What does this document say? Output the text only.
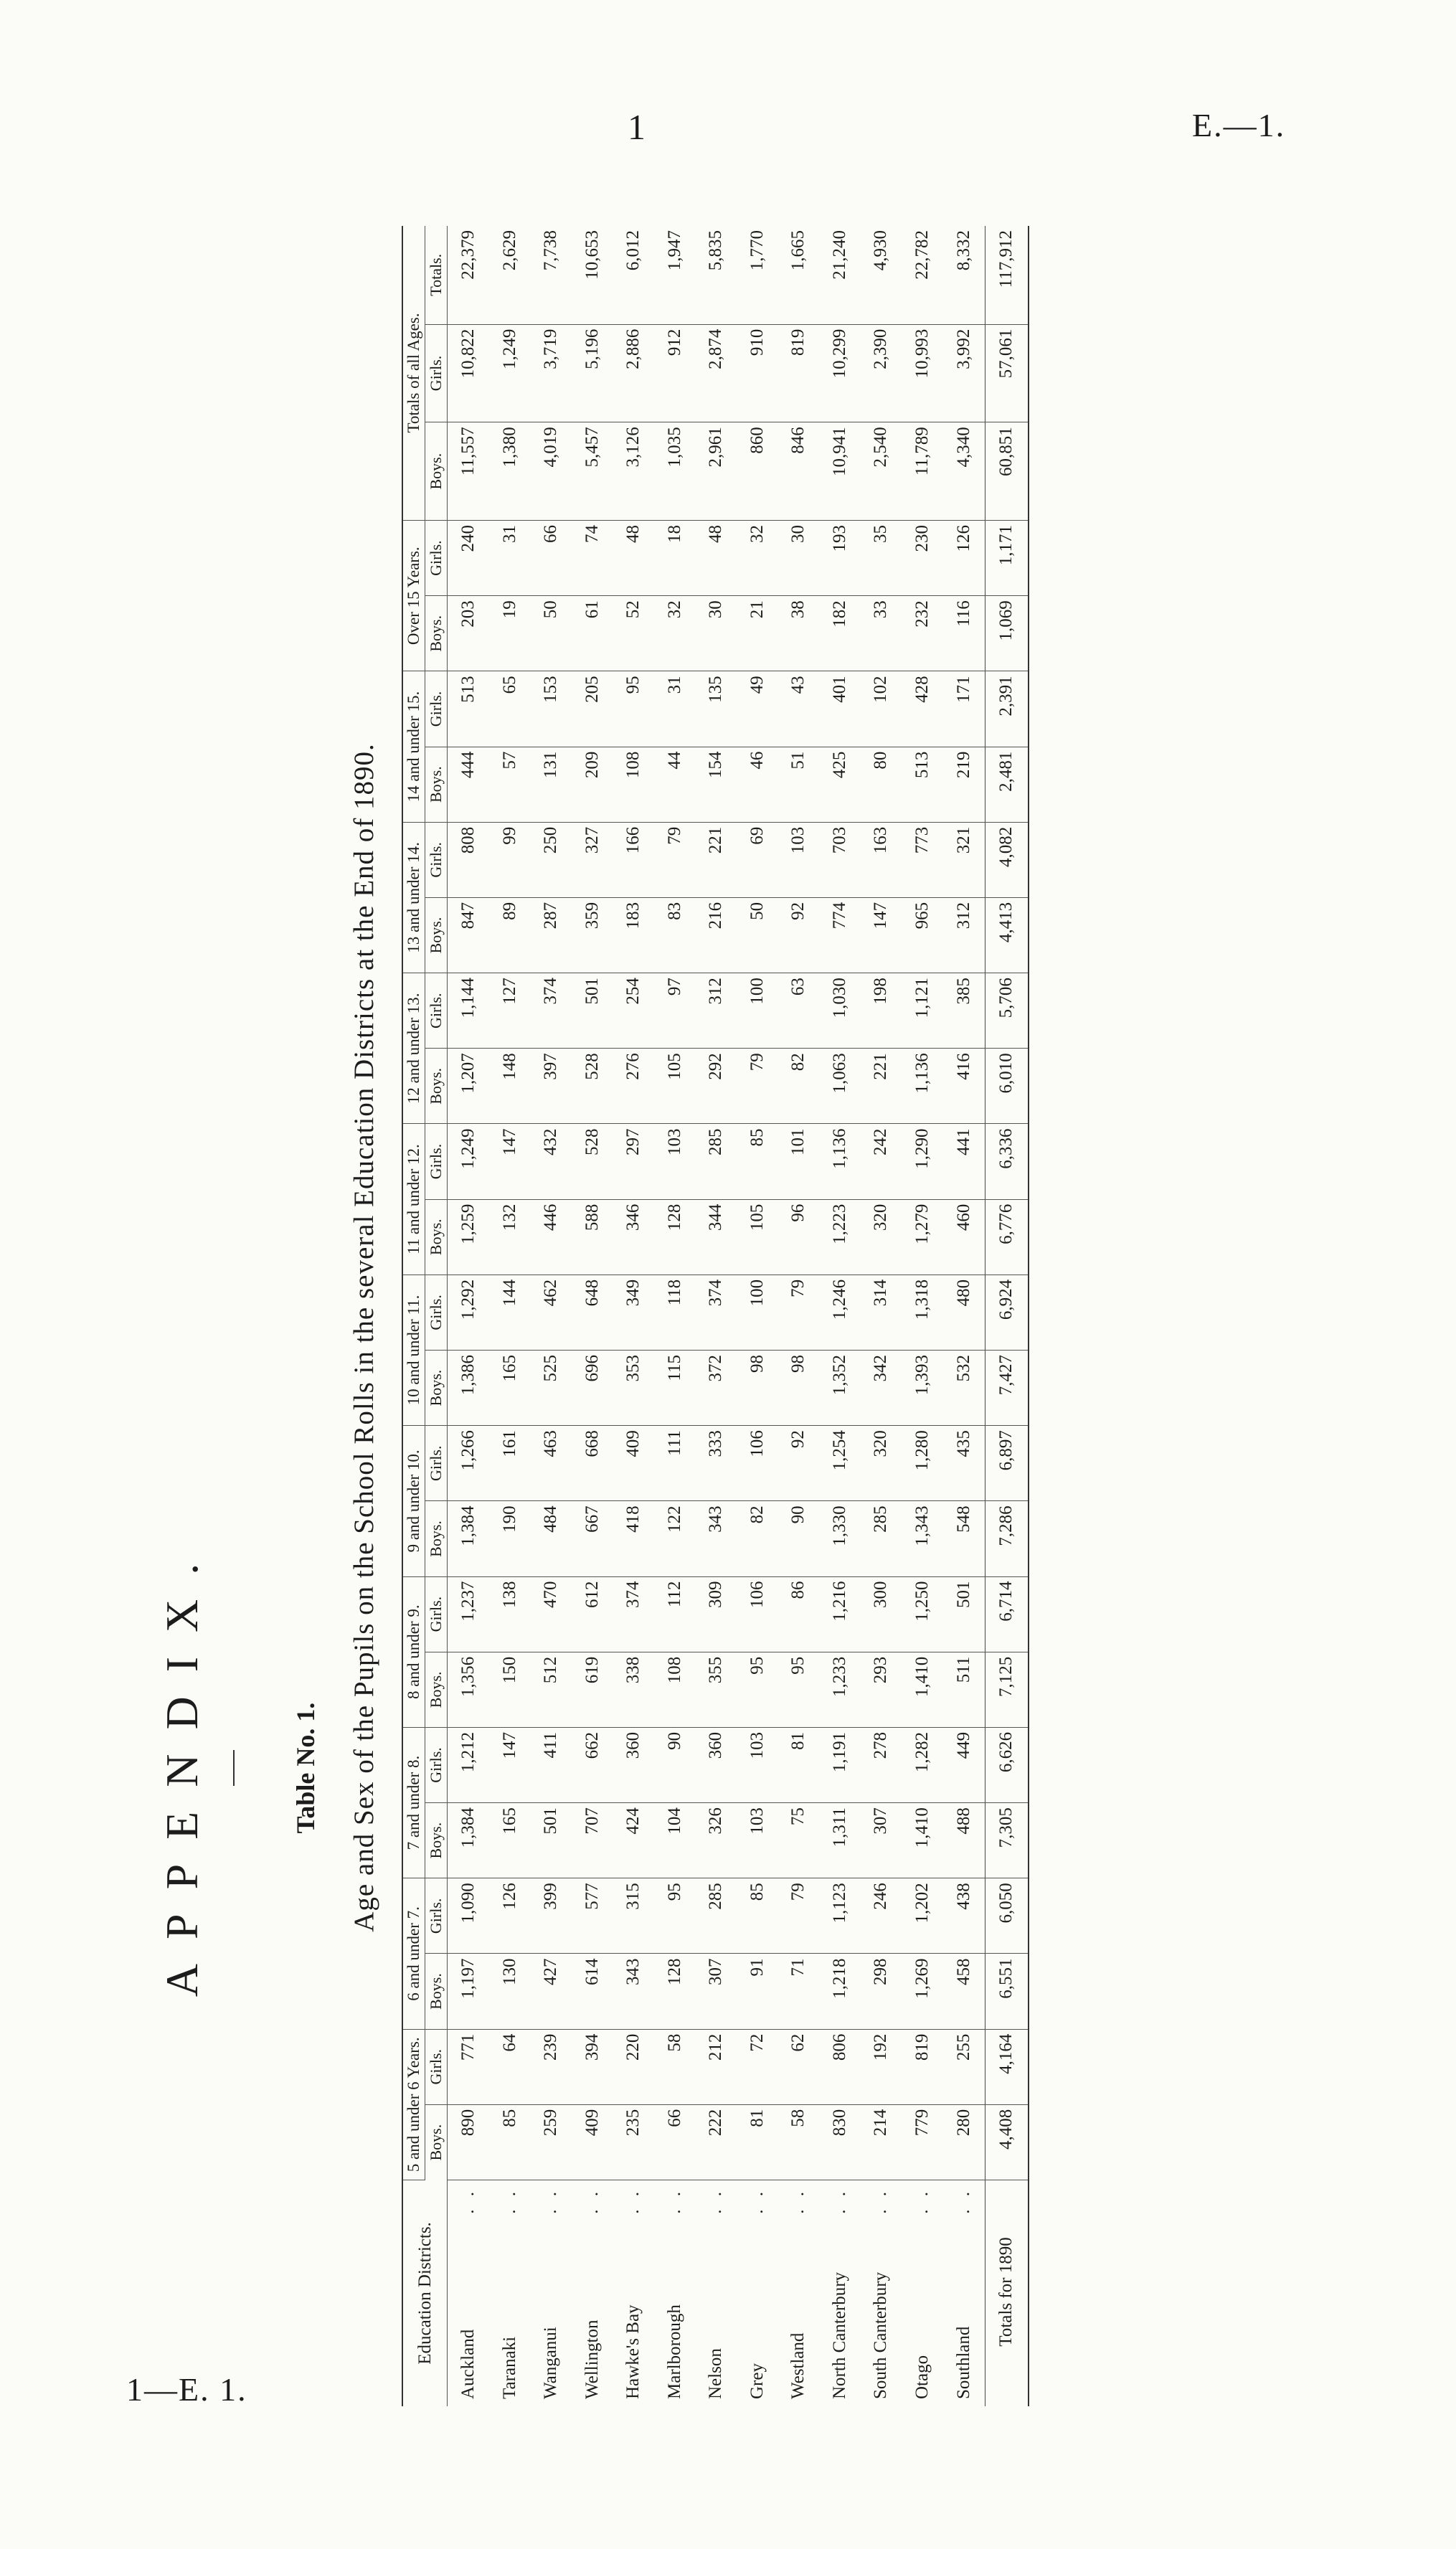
1	E.—1.
1—E. 1.
APPENDIX.	Table No. 1. Age and Sex of the Pupils on the School Rolls in the several Education Districts at the End of 1890.
Education Districts.	5 and under 6 Years.		6 and under 7.		7 and under 8.		8 and under 9.		9 and under 10.		10 and under 11.		11 and under 12.		12 and under 13.		13 and under 14.		14 and under 15.		Over 15 Years.		Totals of all Ages.		
	Boys.	Girls.	Boys.	Girls.	Boys.	Girls.	Boys.	Girls.	Boys.	Girls.	Boys.	Girls.	Boys.	Girls.	Boys.	Girls.	Boys.	Girls.	Boys.	Girls.	Boys.	Girls.	Boys.	Girls.	Totals.
Auckland
. .	890	771	1,197	1,090	1,384	1,212	1,356	1,237	1,384	1,266	1,386	1,292	1,259	1,249	1,207	1,144	847	808	444	513	203	240	11,557	10,822	22,379
Taranaki
. .	85	64	130	126	165	147	150	138	190	161	165	144	132	147	148	127	89	99	57	65	19	31	1,380	1,249	2,629
Wanganui
. .	259	239	427	399	501	411	512	470	484	463	525	462	446	432	397	374	287	250	131	153	50	66	4,019	3,719	7,738
Wellington
. .	409	394	614	577	707	662	619	612	667	668	696	648	588	528	528	501	359	327	209	205	61	74	5,457	5,196	10,653
Hawke's Bay
. .	235	220	343	315	424	360	338	374	418	409	353	349	346	297	276	254	183	166	108	95	52	48	3,126	2,886	6,012
Marlborough
. .	66	58	128	95	104	90	108	112	122	111	115	118	128	103	105	97	83	79	44	31	32	18	1,035	912	1,947
Nelson
. .	222	212	307	285	326	360	355	309	343	333	372	374	344	285	292	312	216	221	154	135	30	48	2,961	2,874	5,835
Grey
. .	81	72	91	85	103	103	95	106	82	106	98	100	105	85	79	100	50	69	46	49	21	32	860	910	1,770
Westland
. .	58	62	71	79	75	81	95	86	90	92	98	79	96	101	82	63	92	103	51	43	38	30	846	819	1,665
North Canterbury
. .	830	806	1,218	1,123	1,311	1,191	1,233	1,216	1,330	1,254	1,352	1,246	1,223	1,136	1,063	1,030	774	703	425	401	182	193	10,941	10,299	21,240
South Canterbury
. .	214	192	298	246	307	278	293	300	285	320	342	314	320	242	221	198	147	163	80	102	33	35	2,540	2,390	4,930
Otago
. .	779	819	1,269	1,202	1,410	1,282	1,410	1,250	1,343	1,280	1,393	1,318	1,279	1,290	1,136	1,121	965	773	513	428	232	230	11,789	10,993	22,782
Southland
. .	280	255	458	438	488	449	511	501	548	435	532	480	460	441	416	385	312	321	219	171	116	126	4,340	3,992	8,332
Totals for 1890	4,408	4,164	6,551	6,050	7,305	6,626	7,125	6,714	7,286	6,897	7,427	6,924	6,776	6,336	6,010	5,706	4,413	4,082	2,481	2,391	1,069	1,171	60,851	57,061	117,912
